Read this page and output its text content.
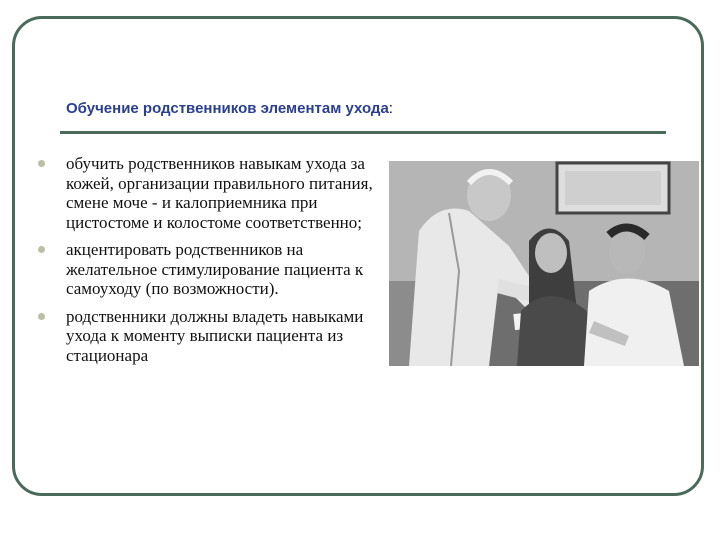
Обучение родственников элементам ухода:
обучить родственников навыкам ухода за кожей, организации правильного питания, смене моче - и калоприемника при цистостоме и колостоме соответственно;
акцентировать родственников на желательное стимулирование пациента к самоуходу (по возможности).
родственники должны владеть навыками ухода к моменту выписки пациента из стационара
